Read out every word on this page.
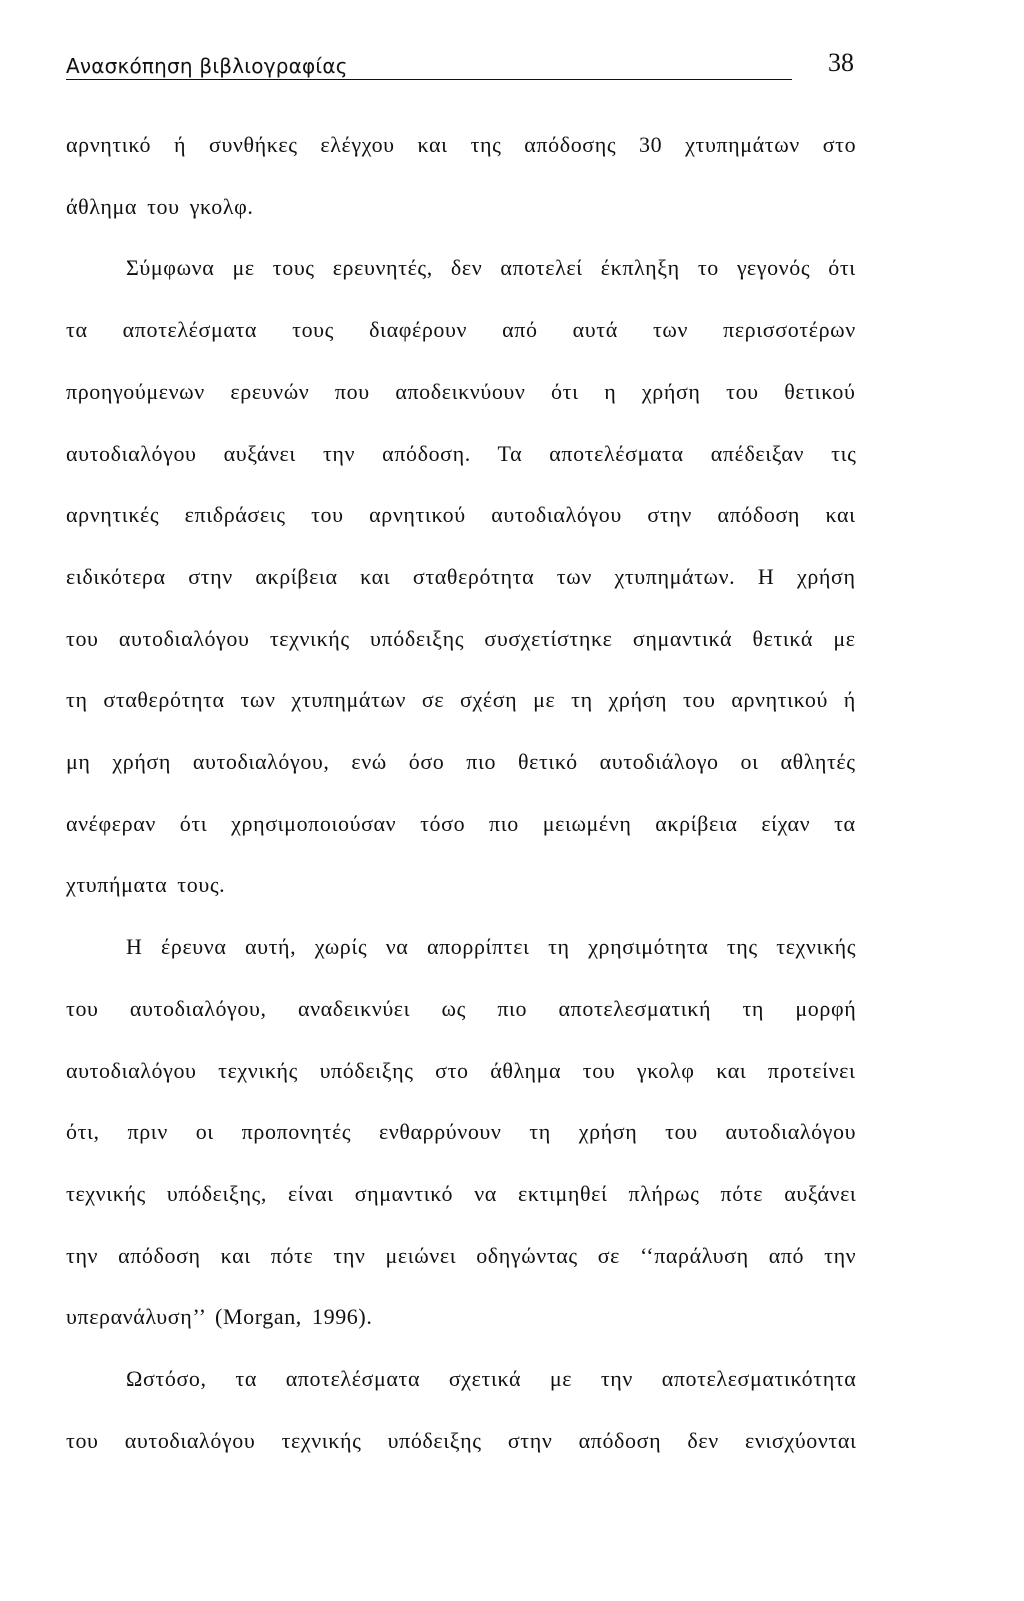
Ανασκόπηση βιβλιογραφίας	38

αρνητικό ή συνθήκες ελέγχου και της απόδοσης 30 χτυπημάτων στο
άθλημα του γκολφ.

Σύμφωνα με τους ερευνητές, δεν αποτελεί έκπληξη το γεγονός ότι
τα αποτελέσματα τους διαφέρουν από αυτά των περισσοτέρων
προηγούμενων ερευνών που αποδεικνύουν ότι η χρήση του θετικού
αυτοδιαλόγου αυξάνει την απόδοση. Τα αποτελέσματα απέδειξαν τις
αρνητικές επιδράσεις του αρνητικού αυτοδιαλόγου στην απόδοση και
ειδικότερα στην ακρίβεια και σταθερότητα των χτυπημάτων. Η χρήση
του αυτοδιαλόγου τεχνικής υπόδειξης συσχετίστηκε σημαντικά θετικά με
τη σταθερότητα των χτυπημάτων σε σχέση με τη χρήση του αρνητικού ή
μη χρήση αυτοδιαλόγου, ενώ όσο πιο θετικό αυτοδιάλογο οι αθλητές
ανέφεραν ότι χρησιμοποιούσαν τόσο πιο μειωμένη ακρίβεια είχαν τα
χτυπήματα τους.

Η έρευνα αυτή, χωρίς να απορρίπτει τη χρησιμότητα της τεχνικής
του αυτοδιαλόγου, αναδεικνύει ως πιο αποτελεσματική τη μορφή
αυτοδιαλόγου τεχνικής υπόδειξης στο άθλημα του γκολφ και προτείνει
ότι, πριν οι προπονητές ενθαρρύνουν τη χρήση του αυτοδιαλόγου
τεχνικής υπόδειξης, είναι σημαντικό να εκτιμηθεί πλήρως πότε αυξάνει
την απόδοση και πότε την μειώνει οδηγώντας σε ‘‘παράλυση από την
υπερανάλυση’’ (Morgan, 1996).

Ωστόσο, τα αποτελέσματα σχετικά με την αποτελεσματικότητα
του αυτοδιαλόγου τεχνικής υπόδειξης στην απόδοση δεν ενισχύονται
